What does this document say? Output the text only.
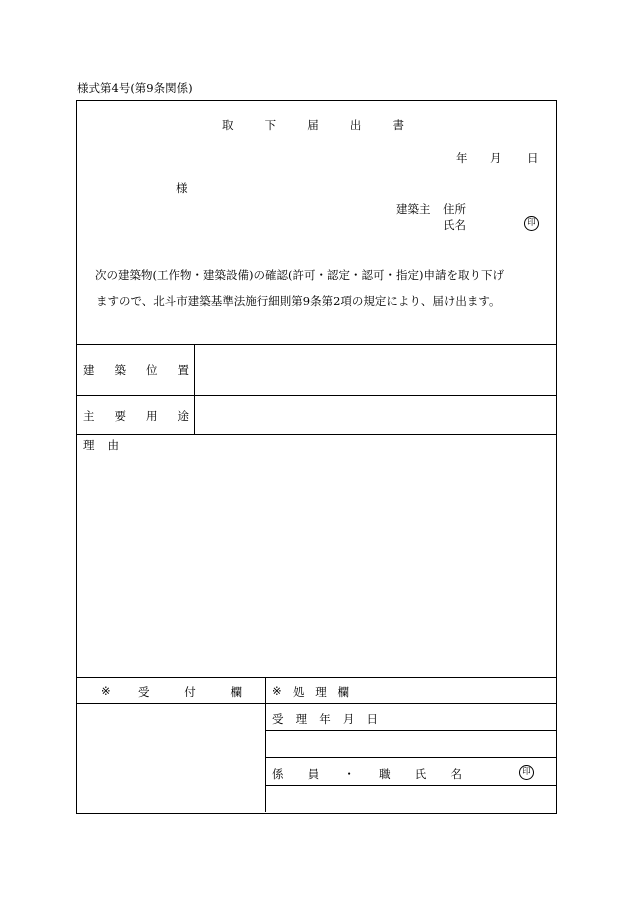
様式第4号(第9条関係)
取	下	届	出	書
年 月 日
様
建築主 住所
氏名	印
次の建築物(工作物・建築設備)の確認(許可・認定・認可・指定)申請を取り下げ
ますので、北斗市建築基準法施行細則第9条第2項の規定により、届け出ます。
建 築 位 置
主 要 用 途
理 由
※ 受	付	欄	※ 処 理 欄
受 理 年 月 日
係 員 ・ 職 氏 名	印
